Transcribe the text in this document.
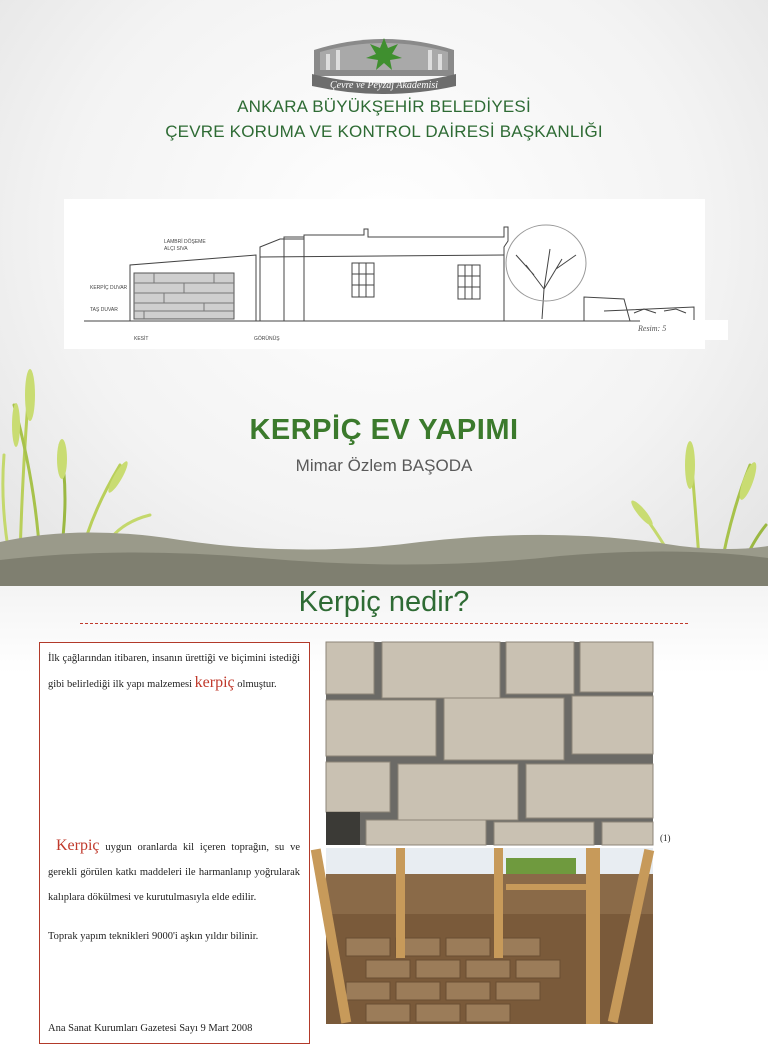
Çevre ve Peyzaj Akademisi
ANKARA BÜYÜKŞEHİR BELEDİYESİ
ÇEVRE KORUMA VE KONTROL DAİRESİ BAŞKANLIĞI
LAMBRİ DÖŞEME
ALÇI SIVA
KERPİÇ DUVAR
TAŞ DUVAR
KESİT	GÖRÜNÜŞ
Resim: 5
KERPİÇ EV YAPIMI
Mimar Özlem BAŞODA
Kerpiç nedir?

İlk çağlarından itibaren, insanın ürettiği ve biçimini istediği gibi belirlediği ilk yapı malzemesi kerpiç olmuştur.

Kerpiç uygun oranlarda kil içeren toprağın, su ve gerekli görülen katkı maddeleri ile harmanlanıp yoğrularak kalıplara dökülmesi ve kurutulmasıyla elde edilir.

Toprak yapım teknikleri 9000'i aşkın yıldır bilinir.

Ana Sanat Kurumları Gazetesi Sayı 9 Mart 2008

(1)
